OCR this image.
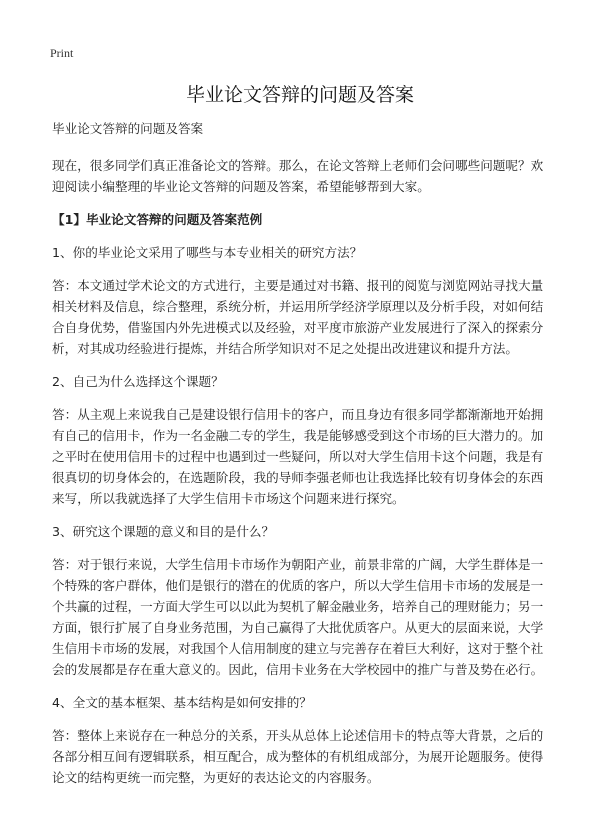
Print
毕业论文答辩的问题及答案

毕业论文答辩的问题及答案

现在，很多同学们真正准备论文的答辩。那么，在论文答辩上老师们会问哪些问题呢？欢迎阅读小编整理的毕业论文答辩的问题及答案，希望能够帮到大家。

【1】毕业论文答辩的问题及答案范例

1、你的毕业论文采用了哪些与本专业相关的研究方法？

答：本文通过学术论文的方式进行，主要是通过对书籍、报刊的阅览与浏览网站寻找大量相关材料及信息，综合整理，系统分析，并运用所学经济学原理以及分析手段，对如何结合自身优势，借鉴国内外先进模式以及经验，对平度市旅游产业发展进行了深入的探索分析，对其成功经验进行提炼，并结合所学知识对不足之处提出改进建议和提升方法。

2、自己为什么选择这个课题？

答：从主观上来说我自己是建设银行信用卡的客户，而且身边有很多同学都渐渐地开始拥有自己的信用卡，作为一名金融二专的学生，我是能够感受到这个市场的巨大潜力的。加之平时在使用信用卡的过程中也遇到过一些疑问，所以对大学生信用卡这个问题，我是有很真切的切身体会的，在选题阶段，我的导师李强老师也让我选择比较有切身体会的东西来写，所以我就选择了大学生信用卡市场这个问题来进行探究。

3、研究这个课题的意义和目的是什么？

答：对于银行来说，大学生信用卡市场作为朝阳产业，前景非常的广阔，大学生群体是一个特殊的客户群体，他们是银行的潜在的优质的客户，所以大学生信用卡市场的发展是一个共赢的过程，一方面大学生可以以此为契机了解金融业务，培养自己的理财能力；另一方面，银行扩展了自身业务范围，为自己赢得了大批优质客户。从更大的层面来说，大学生信用卡市场的发展，对我国个人信用制度的建立与完善存在着巨大利好，这对于整个社会的发展都是存在重大意义的。因此，信用卡业务在大学校园中的推广与普及势在必行。

4、全文的基本框架、基本结构是如何安排的？

答：整体上来说存在一种总分的关系，开头从总体上论述信用卡的特点等大背景，之后的各部分相互间有逻辑联系，相互配合，成为整体的有机组成部分，为展开论题服务。使得论文的结构更统一而完整，为更好的表达论文的内容服务。
